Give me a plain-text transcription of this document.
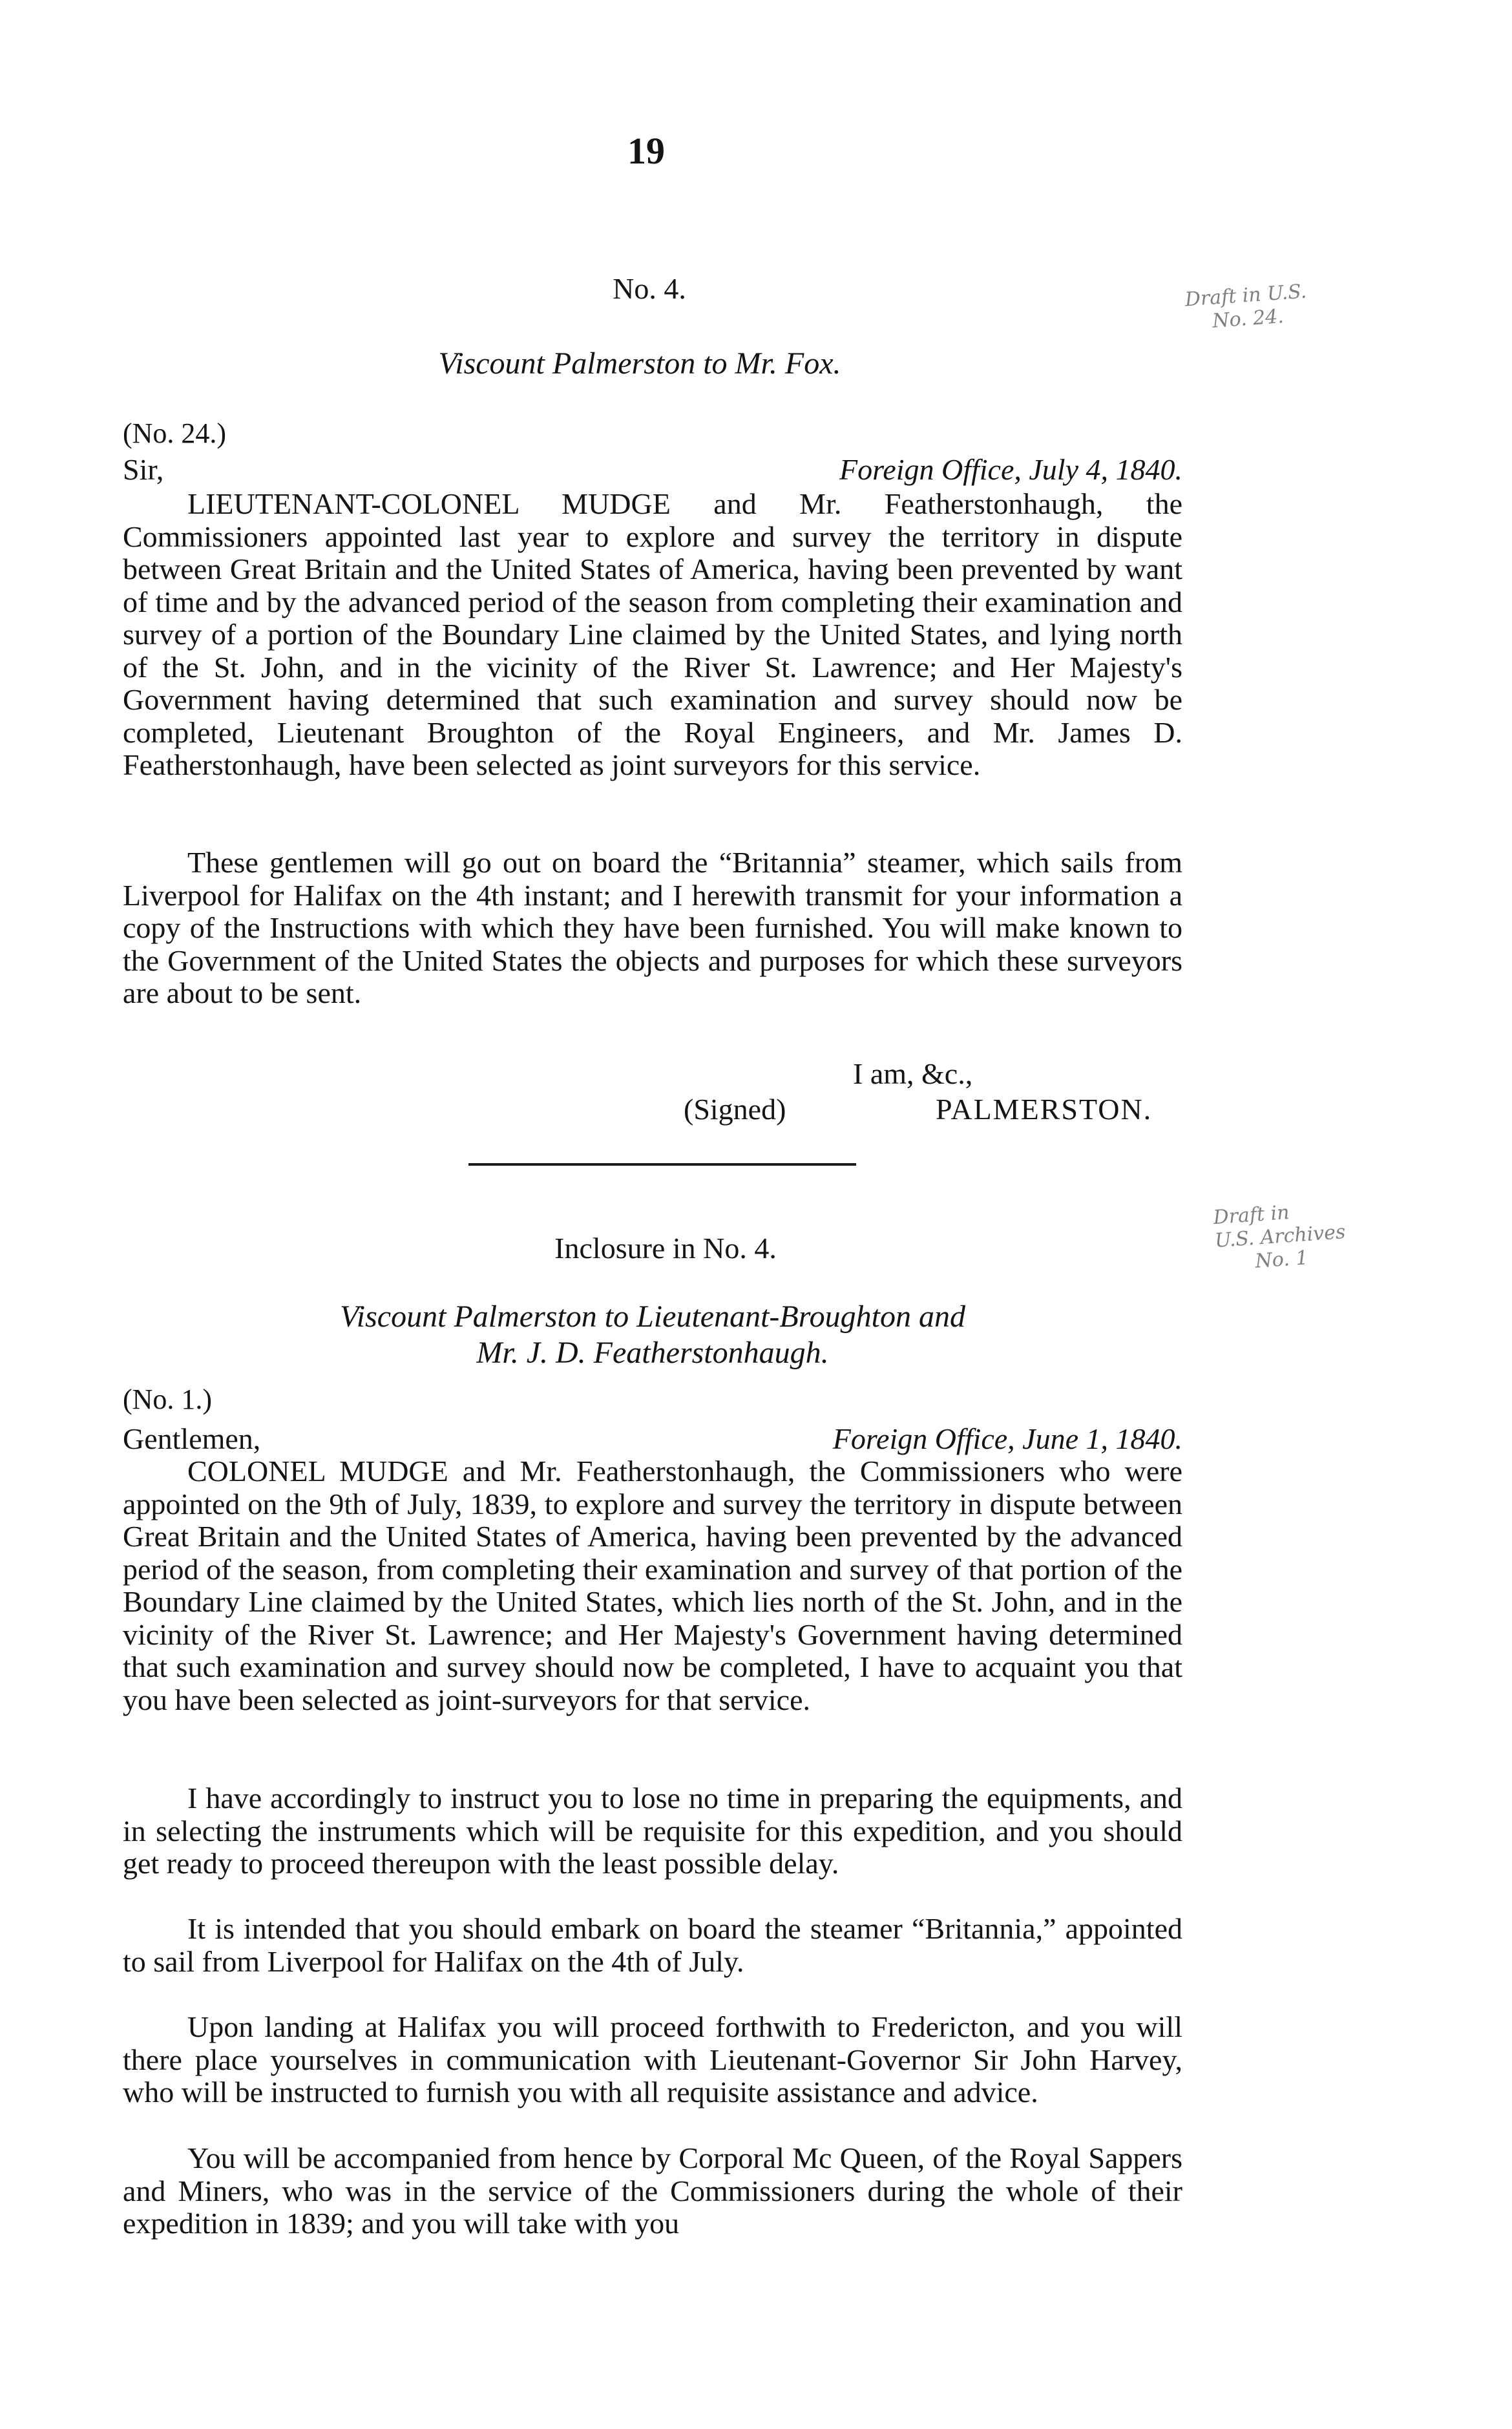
19
Draft in U.S.
No. 24.
No. 4.
Viscount Palmerston to Mr. Fox.
(No. 24.)
Sir,	Foreign Office, July 4, 1840.

LIEUTENANT-COLONEL MUDGE and Mr. Featherstonhaugh, the Commissioners appointed last year to explore and survey the territory in dispute between Great Britain and the United States of America, having been prevented by want of time and by the advanced period of the season from completing their examination and survey of a portion of the Boundary Line claimed by the United States, and lying north of the St. John, and in the vicinity of the River St. Lawrence; and Her Majesty's Government having determined that such examination and survey should now be completed, Lieutenant Broughton of the Royal Engineers, and Mr. James D. Featherstonhaugh, have been selected as joint surveyors for this service.

These gentlemen will go out on board the “Britannia” steamer, which sails from Liverpool for Halifax on the 4th instant; and I herewith transmit for your information a copy of the Instructions with which they have been furnished. You will make known to the Government of the United States the objects and purposes for which these surveyors are about to be sent.

I am, &c.,
(Signed)	PALMERSTON.
Draft in
U.S. Archives
No. 1
Inclosure in No. 4.
Viscount Palmerston to Lieutenant-Broughton and
Mr. J. D. Featherstonhaugh.
(No. 1.)
Gentlemen,	Foreign Office, June 1, 1840.

COLONEL MUDGE and Mr. Featherstonhaugh, the Commissioners who were appointed on the 9th of July, 1839, to explore and survey the territory in dispute between Great Britain and the United States of America, having been prevented by the advanced period of the season, from completing their examination and survey of that portion of the Boundary Line claimed by the United States, which lies north of the St. John, and in the vicinity of the River St. Lawrence; and Her Majesty's Government having determined that such examination and survey should now be completed, I have to acquaint you that you have been selected as joint-surveyors for that service.

I have accordingly to instruct you to lose no time in preparing the equipments, and in selecting the instruments which will be requisite for this expedition, and you should get ready to proceed thereupon with the least possible delay.

It is intended that you should embark on board the steamer “Britannia,” appointed to sail from Liverpool for Halifax on the 4th of July.

Upon landing at Halifax you will proceed forthwith to Fredericton, and you will there place yourselves in communication with Lieutenant-Governor Sir John Harvey, who will be instructed to furnish you with all requisite assistance and advice.

You will be accompanied from hence by Corporal Mc Queen, of the Royal Sappers and Miners, who was in the service of the Commissioners during the whole of their expedition in 1839; and you will take with you
